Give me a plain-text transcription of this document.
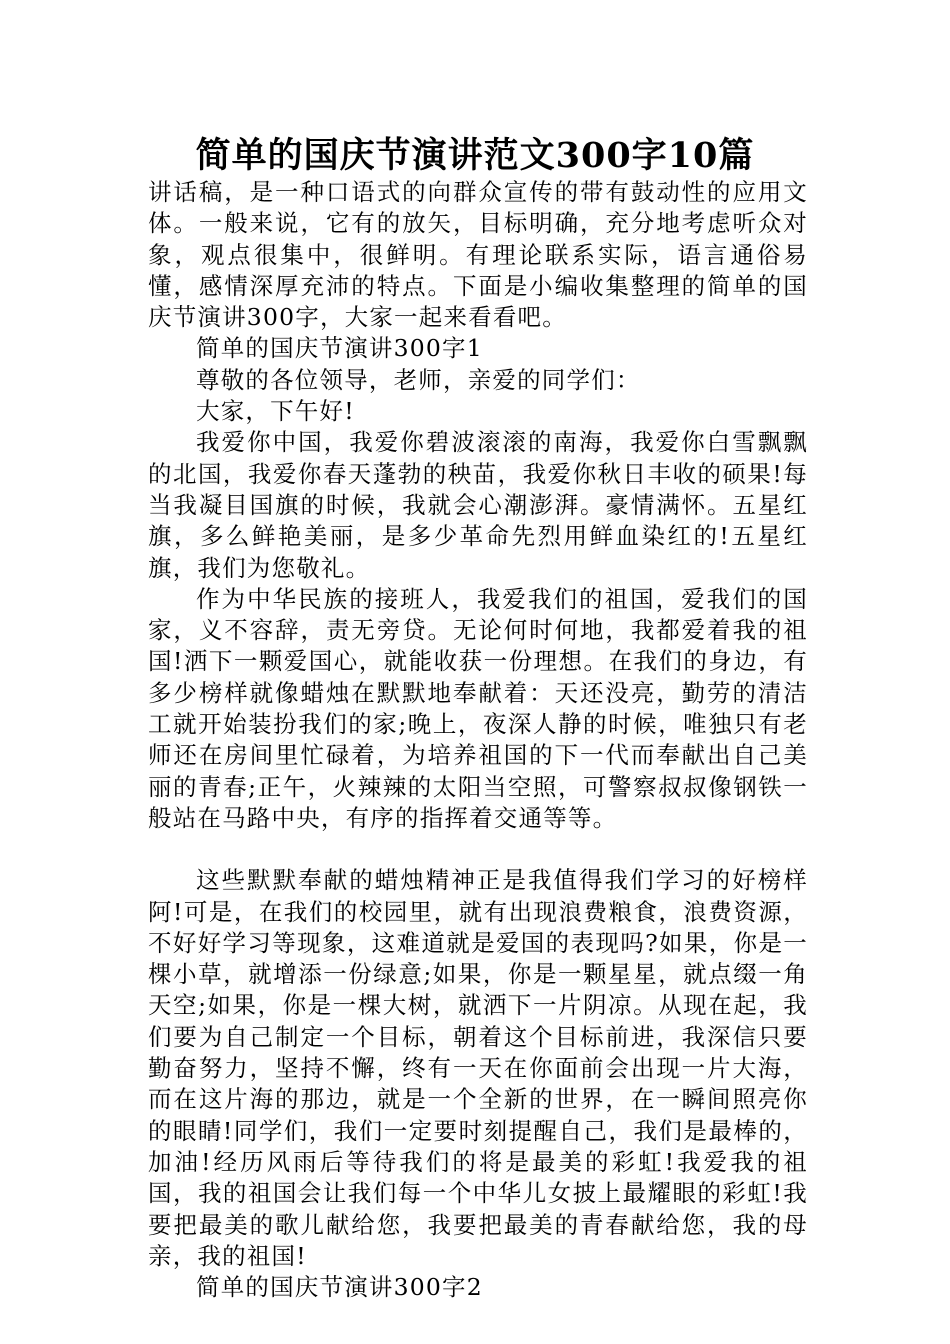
简单的国庆节演讲范文300字10篇

讲话稿，是一种口语式的向群众宣传的带有鼓动性的应用文体。一般来说，它有的放矢，目标明确，充分地考虑听众对象，观点很集中，很鲜明。有理论联系实际，语言通俗易懂，感情深厚充沛的特点。下面是小编收集整理的简单的国庆节演讲300字，大家一起来看看吧。

简单的国庆节演讲300字1

尊敬的各位领导，老师，亲爱的同学们：

大家，下午好!

我爱你中国，我爱你碧波滚滚的南海，我爱你白雪飘飘的北国，我爱你春天蓬勃的秧苗，我爱你秋日丰收的硕果!每当我凝目国旗的时候，我就会心潮澎湃。豪情满怀。五星红旗，多么鲜艳美丽，是多少革命先烈用鲜血染红的!五星红旗，我们为您敬礼。

作为中华民族的接班人，我爱我们的祖国，爱我们的国家，义不容辞，责无旁贷。无论何时何地，我都爱着我的祖国!洒下一颗爱国心，就能收获一份理想。在我们的身边，有多少榜样就像蜡烛在默默地奉献着：天还没亮，勤劳的清洁工就开始装扮我们的家;晚上，夜深人静的时候，唯独只有老师还在房间里忙碌着，为培养祖国的下一代而奉献出自己美丽的青春;正午，火辣辣的太阳当空照，可警察叔叔像钢铁一般站在马路中央，有序的指挥着交通等等。

这些默默奉献的蜡烛精神正是我值得我们学习的好榜样阿!可是，在我们的校园里，就有出现浪费粮食，浪费资源，不好好学习等现象，这难道就是爱国的表现吗?如果，你是一棵小草，就增添一份绿意;如果，你是一颗星星，就点缀一角天空;如果，你是一棵大树，就洒下一片阴凉。从现在起，我们要为自己制定一个目标，朝着这个目标前进，我深信只要勤奋努力，坚持不懈，终有一天在你面前会出现一片大海，而在这片海的那边，就是一个全新的世界，在一瞬间照亮你的眼睛!同学们，我们一定要时刻提醒自己，我们是最棒的，加油!经历风雨后等待我们的将是最美的彩虹!我爱我的祖国，我的祖国会让我们每一个中华儿女披上最耀眼的彩虹!我要把最美的歌儿献给您，我要把最美的青春献给您，我的母亲，我的祖国!

简单的国庆节演讲300字2
